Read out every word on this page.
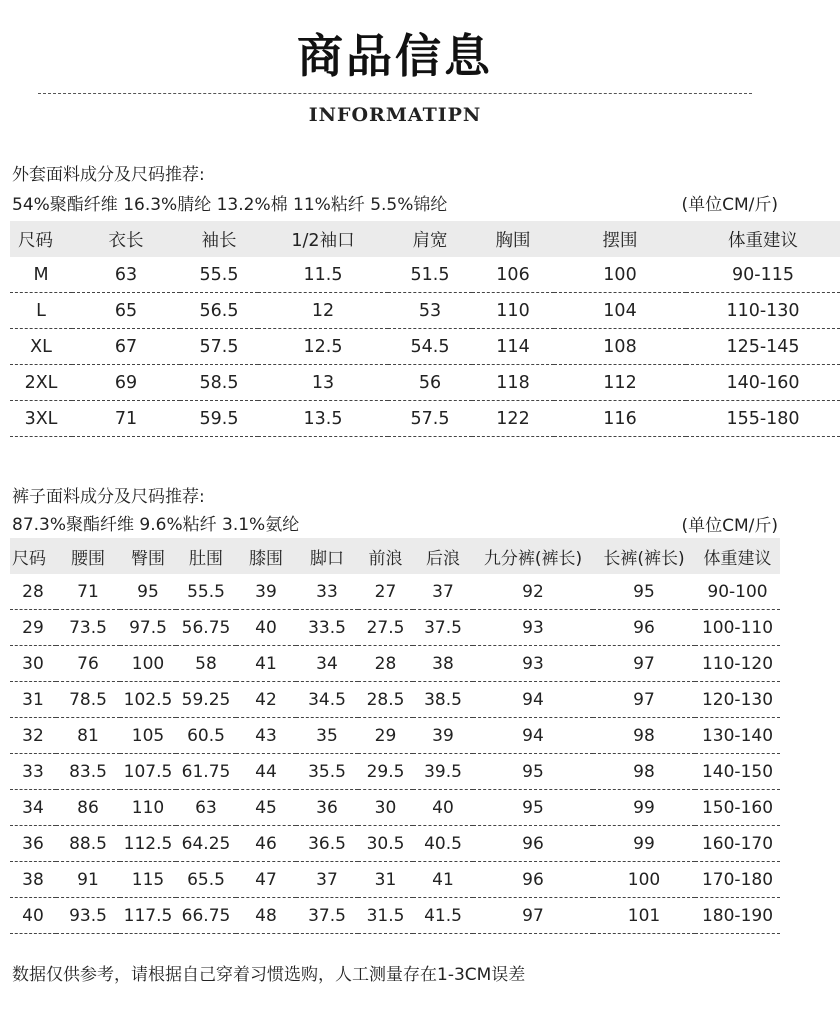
商品信息
INFORMATIPN
外套面料成分及尺码推荐:
54%聚酯纤维 16.3%腈纶 13.2%棉 11%粘纤 5.5%锦纶	(单位CM/斤)
尺码	衣长	袖长	1/2袖口	肩宽	胸围	摆围	体重建议
M	63	55.5	11.5	51.5	106	100	90-115
L	65	56.5	12	53	110	104	110-130
XL	67	57.5	12.5	54.5	114	108	125-145
2XL	69	58.5	13	56	118	112	140-160
3XL	71	59.5	13.5	57.5	122	116	155-180
裤子面料成分及尺码推荐:
87.3%聚酯纤维 9.6%粘纤 3.1%氨纶	(单位CM/斤)
尺码	腰围	臀围	肚围	膝围	脚口	前浪	后浪	九分裤(裤长)	长裤(裤长)	体重建议
28	71	95	55.5	39	33	27	37	92	95	90-100
29	73.5	97.5	56.75	40	33.5	27.5	37.5	93	96	100-110
30	76	100	58	41	34	28	38	93	97	110-120
31	78.5	102.5	59.25	42	34.5	28.5	38.5	94	97	120-130
32	81	105	60.5	43	35	29	39	94	98	130-140
33	83.5	107.5	61.75	44	35.5	29.5	39.5	95	98	140-150
34	86	110	63	45	36	30	40	95	99	150-160
36	88.5	112.5	64.25	46	36.5	30.5	40.5	96	99	160-170
38	91	115	65.5	47	37	31	41	96	100	170-180
40	93.5	117.5	66.75	48	37.5	31.5	41.5	97	101	180-190
数据仅供参考，请根据自己穿着习惯选购，人工测量存在1-3CM误差
